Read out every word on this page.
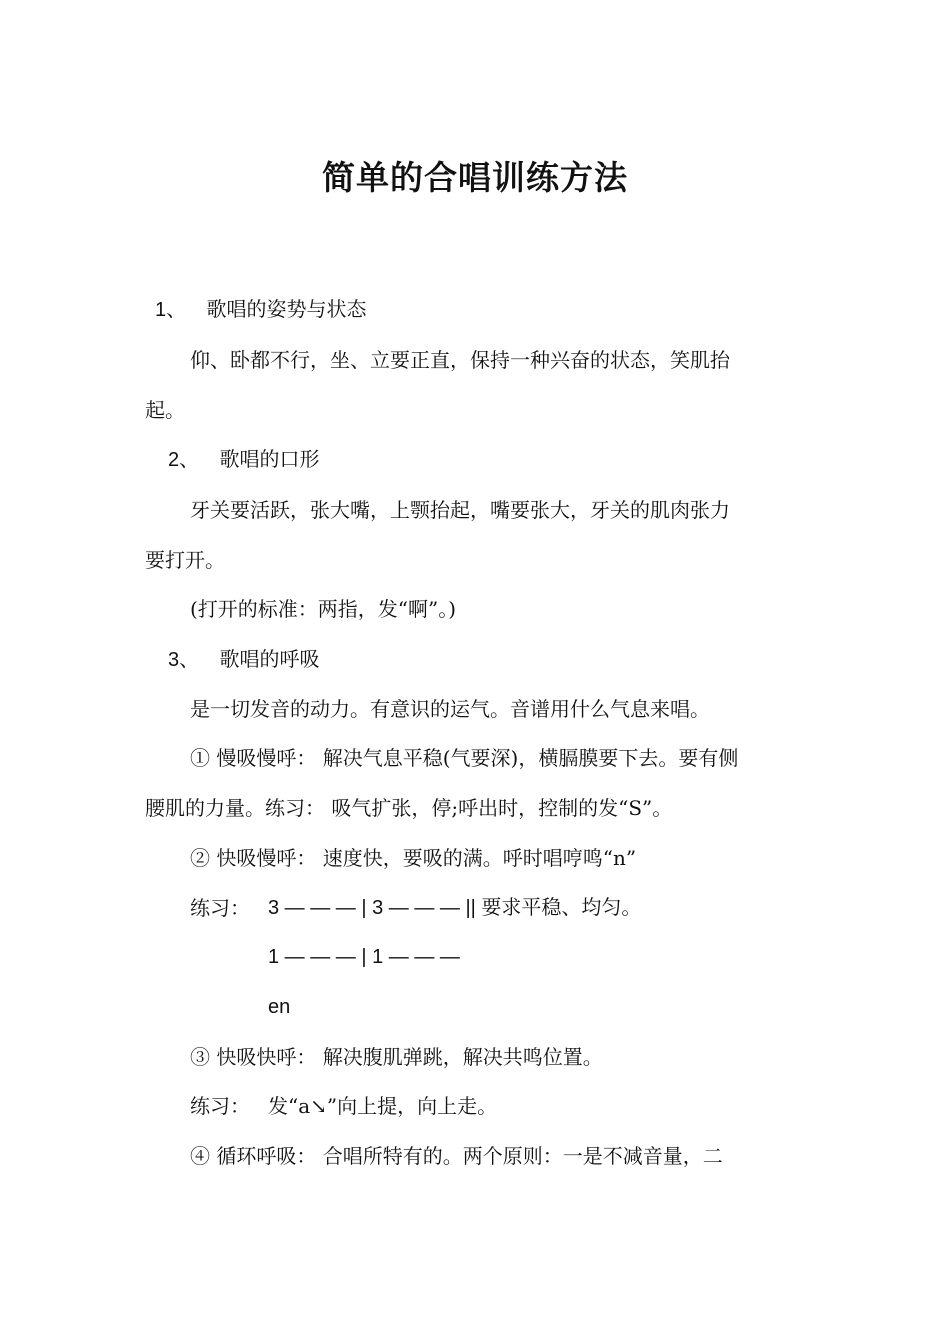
简单的合唱训练方法
1、 歌唱的姿势与状态
仰、卧都不行，坐、立要正直，保持一种兴奋的状态，笑肌抬
起。
2、 歌唱的口形
牙关要活跃，张大嘴，上颚抬起，嘴要张大，牙关的肌肉张力
要打开。
(打开的标准：两指，发“啊”。)
3、 歌唱的呼吸
是一切发音的动力。有意识的运气。音谱用什么气息来唱。
① 慢吸慢呼： 解决气息平稳(气要深)，横膈膜要下去。要有侧
腰肌的力量。练习： 吸气扩张，停;呼出时，控制的发“S”。
② 快吸慢呼： 速度快，要吸的满。呼时唱哼鸣“n”
练习： 3 — — — | 3 — — — || 要求平稳、均匀。
1 — — — | 1 — — —
en
③ 快吸快呼： 解决腹肌弹跳，解决共鸣位置。
练习： 发“a↘”向上提，向上走。
④ 循环呼吸： 合唱所特有的。两个原则：一是不减音量，二
